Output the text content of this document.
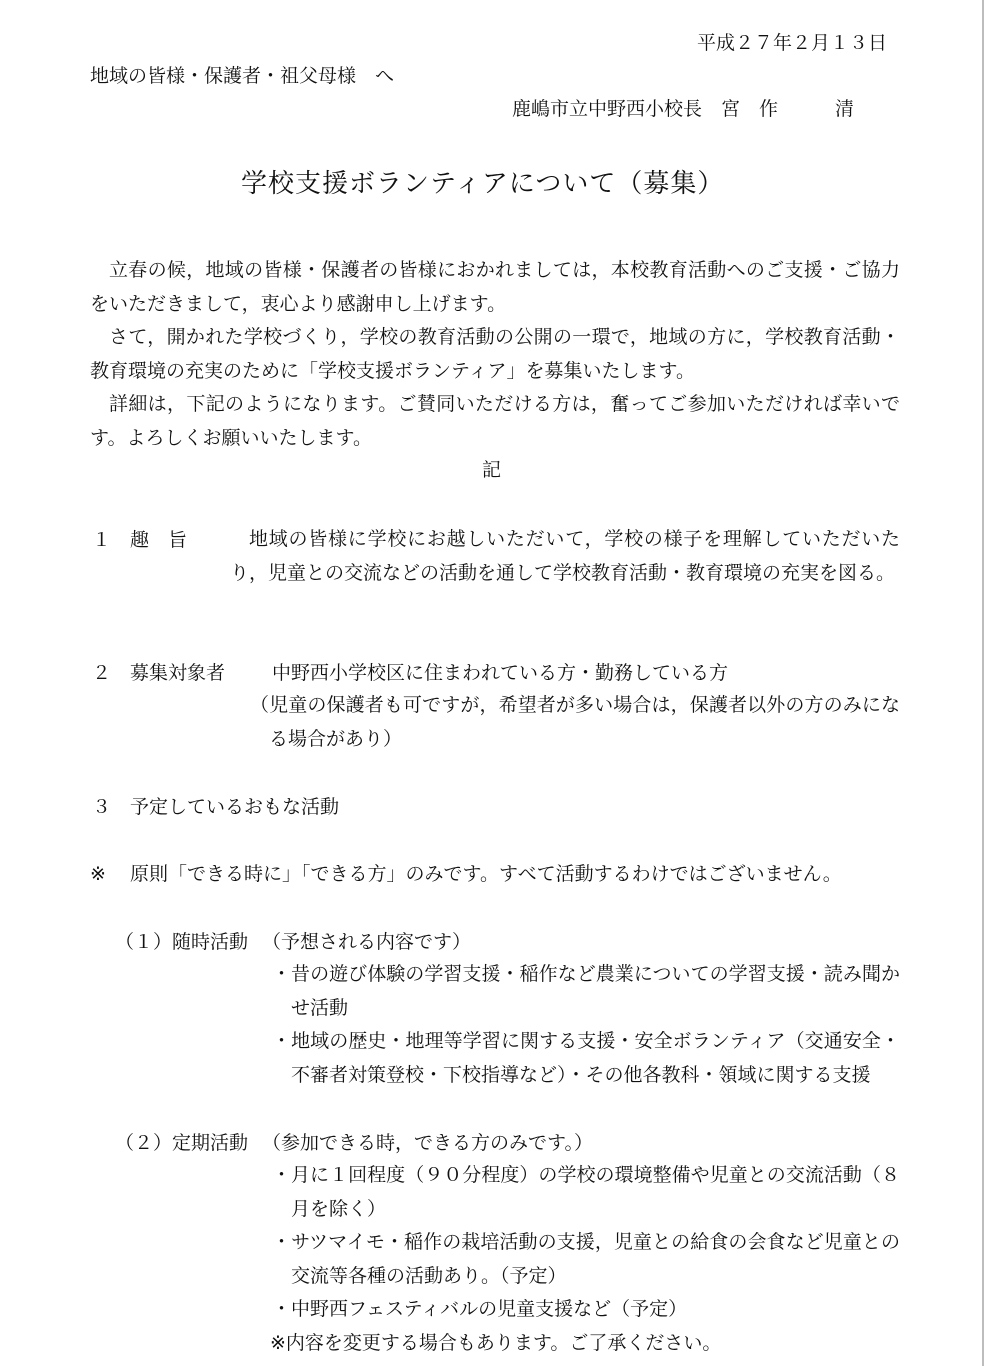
平成２７年２月１３日
地域の皆様・保護者・祖父母様　へ
鹿嶋市立中野西小校長　宮　作　　　清
学校支援ボランティアについて（募集）
立春の候，地域の皆様・保護者の皆様におかれましては，本校教育活動へのご支援・ご協力をいただきまして，衷心より感謝申し上げます。
さて，開かれた学校づくり，学校の教育活動の公開の一環で，地域の方に，学校教育活動・教育環境の充実のために「学校支援ボランティア」を募集いたします。
詳細は，下記のようになります。ご賛同いただける方は，奮ってご参加いただければ幸いです。よろしくお願いいたします。
記
１ 趣　旨	地域の皆様に学校にお越しいただいて，学校の様子を理解していただいたり，児童との交流などの活動を通して学校教育活動・教育環境の充実を図る。
２ 募集対象者 中野西小学校区に住まわれている方・勤務している方
（児童の保護者も可ですが，希望者が多い場合は，保護者以外の方のみになる場合があり）
３ 予定しているおもな活動
※ 原則「できる時に」「できる方」のみです。すべて活動するわけではございません。
（１）随時活動 （予想される内容です）
・昔の遊び体験の学習支援・稲作など農業についての学習支援・読み聞かせ活動
・地域の歴史・地理等学習に関する支援・安全ボランティア（交通安全・不審者対策登校・下校指導など）・その他各教科・領域に関する支援
（２）定期活動 （参加できる時，できる方のみです。）
・月に１回程度（９０分程度）の学校の環境整備や児童との交流活動（８月を除く）
・サツマイモ・稲作の栽培活動の支援，児童との給食の会食など児童との交流等各種の活動あり。（予定）
・中野西フェスティバルの児童支援など（予定）
※内容を変更する場合もあります。ご了承ください。
